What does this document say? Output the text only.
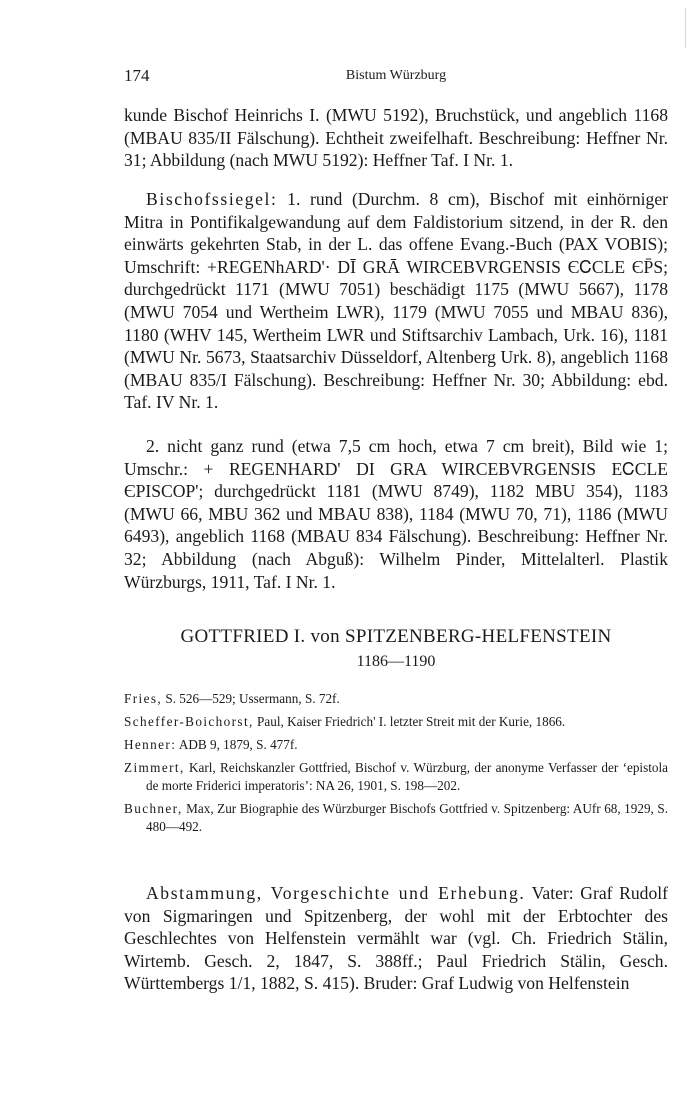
174	Bistum Würzburg

kunde Bischof Heinrichs I. (MWU 5192), Bruchstück, und angeblich 1168 (MBAU 835/II Fälschung). Echtheit zweifelhaft. Beschreibung: Heffner Nr. 31; Abbildung (nach MWU 5192): Heffner Taf. I Nr. 1.

Bischofssiegel: 1. rund (Durchm. 8 cm), Bischof mit einhörniger Mitra in Pontifikalgewandung auf dem Faldistorium sitzend, in der R. den einwärts gekehrten Stab, in der L. das offene Evang.-Buch (PAX VOBIS); Umschrift: +REGENhARD'· DĪ GRĀ WIRCEBVRGENSIS ЄᏟCLE ЄP̄S; durchgedrückt 1171 (MWU 7051) beschädigt 1175 (MWU 5667), 1178 (MWU 7054 und Wertheim LWR), 1179 (MWU 7055 und MBAU 836), 1180 (WHV 145, Wertheim LWR und Stiftsarchiv Lambach, Urk. 16), 1181 (MWU Nr. 5673, Staatsarchiv Düsseldorf, Altenberg Urk. 8), angeblich 1168 (MBAU 835/I Fälschung). Beschreibung: Heffner Nr. 30; Abbildung: ebd. Taf. IV Nr. 1.

2. nicht ganz rund (etwa 7,5 cm hoch, etwa 7 cm breit), Bild wie 1; Umschr.: + REGENHARD' DI GRA WIRCEBVRGENSIS EᏟCLE ЄPISCOP'; durchgedrückt 1181 (MWU 8749), 1182 MBU 354), 1183 (MWU 66, MBU 362 und MBAU 838), 1184 (MWU 70, 71), 1186 (MWU 6493), angeblich 1168 (MBAU 834 Fälschung). Beschreibung: Heffner Nr. 32; Abbildung (nach Abguß): Wilhelm Pinder, Mittelalterl. Plastik Würzburgs, 1911, Taf. I Nr. 1.

GOTTFRIED I. von SPITZENBERG-HELFENSTEIN
1186—1190

Fries, S. 526—529; Ussermann, S. 72f.

Scheffer-Boichorst, Paul, Kaiser Friedrich' I. letzter Streit mit der Kurie, 1866.

Henner: ADB 9, 1879, S. 477f.

Zimmert, Karl, Reichskanzler Gottfried, Bischof v. Würzburg, der anonyme Verfasser der ‘epistola de morte Friderici imperatoris’: NA 26, 1901, S. 198—202.

Buchner, Max, Zur Biographie des Würzburger Bischofs Gottfried v. Spitzenberg: AUfr 68, 1929, S. 480—492.

Abstammung, Vorgeschichte und Erhebung. Vater: Graf Rudolf von Sigmaringen und Spitzenberg, der wohl mit der Erbtochter des Geschlechtes von Helfenstein vermählt war (vgl. Ch. Friedrich Stälin, Wirtemb. Gesch. 2, 1847, S. 388ff.; Paul Friedrich Stälin, Gesch. Württembergs 1/1, 1882, S. 415). Bruder: Graf Ludwig von Helfenstein
